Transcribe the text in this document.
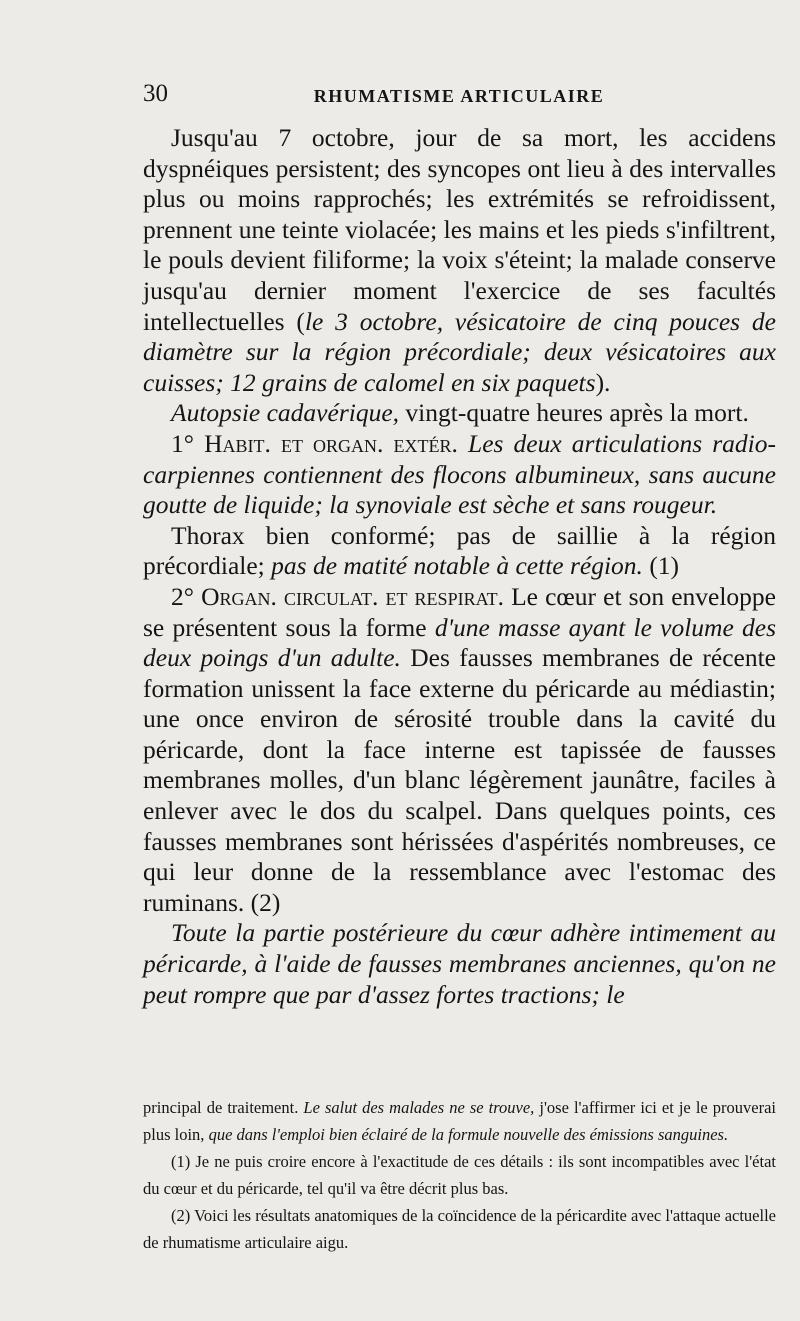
30	RHUMATISME ARTICULAIRE

Jusqu'au 7 octobre, jour de sa mort, les accidens dyspnéiques persistent; des syncopes ont lieu à des intervalles plus ou moins rapprochés; les extrémités se refroidissent, prennent une teinte violacée; les mains et les pieds s'infiltrent, le pouls devient filiforme; la voix s'éteint; la malade conserve jusqu'au dernier moment l'exercice de ses facultés intellectuelles (le 3 octobre, vésicatoire de cinq pouces de diamètre sur la région précordiale; deux vésicatoires aux cuisses; 12 grains de calomel en six paquets).

Autopsie cadavérique, vingt-quatre heures après la mort.

1° Habit. et organ. extér. Les deux articulations radio-carpiennes contiennent des flocons albumineux, sans aucune goutte de liquide; la synoviale est sèche et sans rougeur.

Thorax bien conformé; pas de saillie à la région précordiale; pas de matité notable à cette région. (1)

2° Organ. circulat. et respirat. Le cœur et son enveloppe se présentent sous la forme d'une masse ayant le volume des deux poings d'un adulte. Des fausses membranes de récente formation unissent la face externe du péricarde au médiastin; une once environ de sérosité trouble dans la cavité du péricarde, dont la face interne est tapissée de fausses membranes molles, d'un blanc légèrement jaunâtre, faciles à enlever avec le dos du scalpel. Dans quelques points, ces fausses membranes sont hérissées d'aspérités nombreuses, ce qui leur donne de la ressemblance avec l'estomac des ruminans. (2)

Toute la partie postérieure du cœur adhère intimement au péricarde, à l'aide de fausses membranes anciennes, qu'on ne peut rompre que par d'assez fortes tractions; le

principal de traitement. Le salut des malades ne se trouve, j'ose l'affirmer ici et je le prouverai plus loin, que dans l'emploi bien éclairé de la formule nouvelle des émissions sanguines.

(1) Je ne puis croire encore à l'exactitude de ces détails : ils sont incompatibles avec l'état du cœur et du péricarde, tel qu'il va être décrit plus bas.

(2) Voici les résultats anatomiques de la coïncidence de la péricardite avec l'attaque actuelle de rhumatisme articulaire aigu.
